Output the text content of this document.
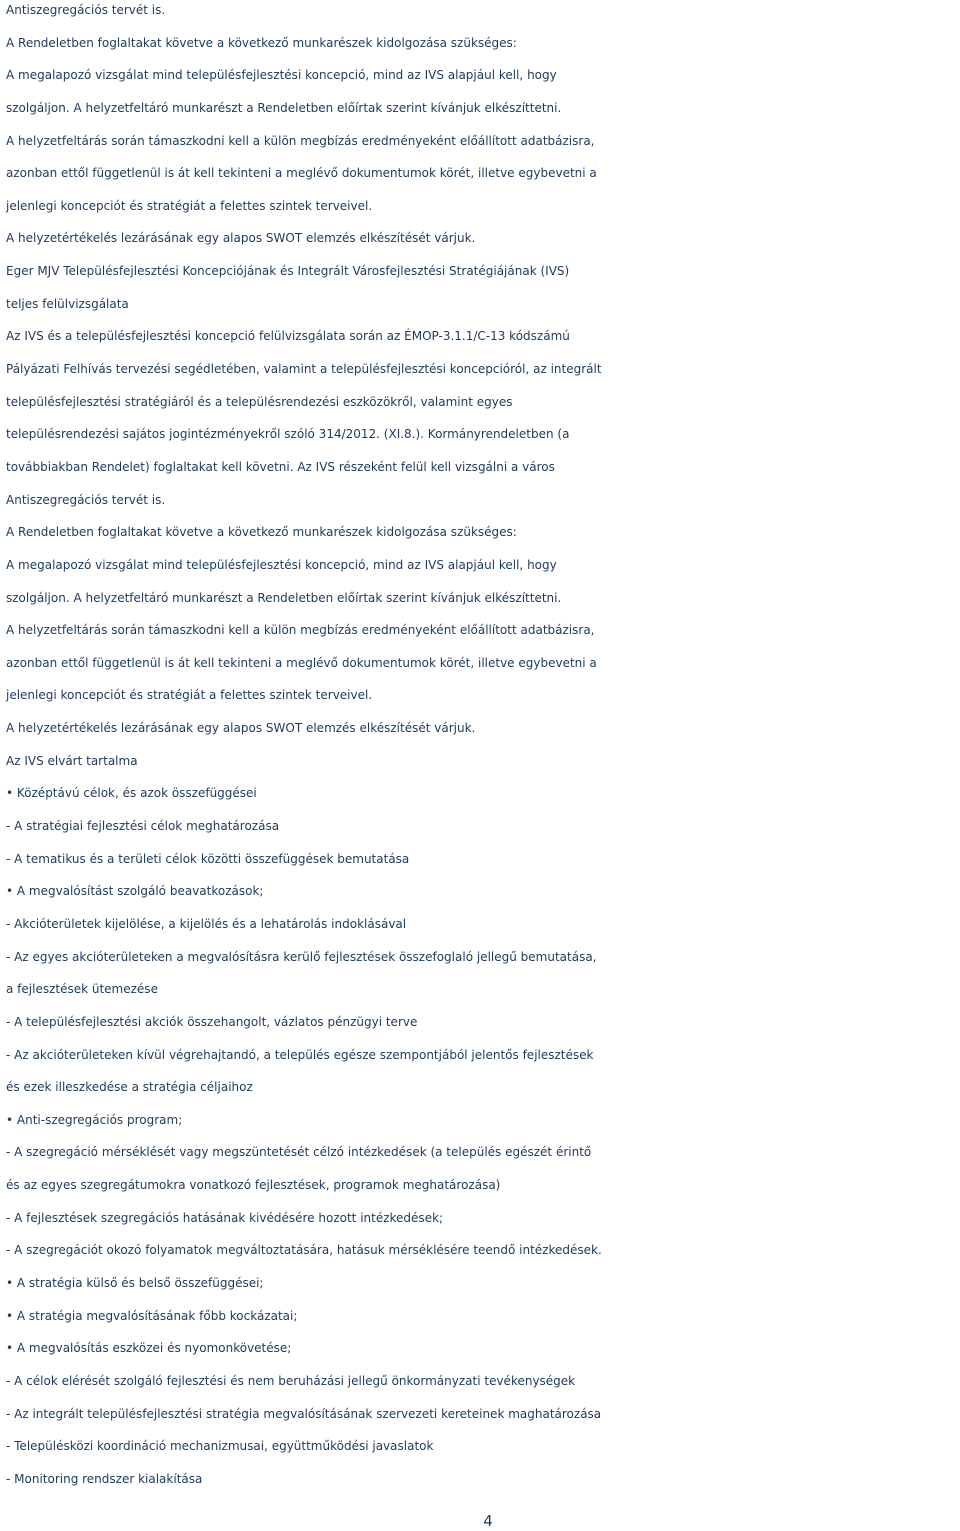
Antiszegregációs tervét is.
A Rendeletben foglaltakat követve a következő munkarészek kidolgozása szükséges:
A megalapozó vizsgálat mind településfejlesztési koncepció, mind az IVS alapjául kell, hogy
szolgáljon. A helyzetfeltáró munkarészt a Rendeletben előírtak szerint kívánjuk elkészíttetni.
A helyzetfeltárás során támaszkodni kell a külön megbízás eredményeként előállított adatbázisra,
azonban ettől függetlenül is át kell tekinteni a meglévő dokumentumok körét, illetve egybevetni a
jelenlegi koncepciót és stratégiát a felettes szintek terveivel.
A helyzetértékelés lezárásának egy alapos SWOT elemzés elkészítését várjuk.
Eger MJV Településfejlesztési Koncepciójának és Integrált Városfejlesztési Stratégiájának (IVS)
teljes felülvizsgálata
Az IVS és a településfejlesztési koncepció felülvizsgálata során az ÉMOP-3.1.1/C-13 kódszámú
Pályázati Felhívás tervezési segédletében, valamint a településfejlesztési koncepcióról, az integrált
településfejlesztési stratégiáról és a településrendezési eszközökről, valamint egyes
településrendezési sajátos jogintézményekről szóló 314/2012. (XI.8.). Kormányrendeletben (a
továbbiakban Rendelet) foglaltakat kell követni. Az IVS részeként felül kell vizsgálni a város
Antiszegregációs tervét is.
A Rendeletben foglaltakat követve a következő munkarészek kidolgozása szükséges:
A megalapozó vizsgálat mind településfejlesztési koncepció, mind az IVS alapjául kell, hogy
szolgáljon. A helyzetfeltáró munkarészt a Rendeletben előírtak szerint kívánjuk elkészíttetni.
A helyzetfeltárás során támaszkodni kell a külön megbízás eredményeként előállított adatbázisra,
azonban ettől függetlenül is át kell tekinteni a meglévő dokumentumok körét, illetve egybevetni a
jelenlegi koncepciót és stratégiát a felettes szintek terveivel.
A helyzetértékelés lezárásának egy alapos SWOT elemzés elkészítését várjuk.
Az IVS elvárt tartalma
• Középtávú célok, és azok összefüggései
- A stratégiai fejlesztési célok meghatározása
- A tematikus és a területi célok közötti összefüggések bemutatása
• A megvalósítást szolgáló beavatkozások;
- Akcióterületek kijelölése, a kijelölés és a lehatárolás indoklásával
- Az egyes akcióterületeken a megvalósításra kerülő fejlesztések összefoglaló jellegű bemutatása,
a fejlesztések ütemezése
- A településfejlesztési akciók összehangolt, vázlatos pénzügyi terve
- Az akcióterületeken kívül végrehajtandó, a település egésze szempontjából jelentős fejlesztések
és ezek illeszkedése a stratégia céljaihoz
• Anti-szegregációs program;
- A szegregáció mérséklését vagy megszüntetését célzó intézkedések (a település egészét érintő
és az egyes szegregátumokra vonatkozó fejlesztések, programok meghatározása)
- A fejlesztések szegregációs hatásának kivédésére hozott intézkedések;
- A szegregációt okozó folyamatok megváltoztatására, hatásuk mérséklésére teendő intézkedések.
• A stratégia külső és belső összefüggései;
• A stratégia megvalósításának főbb kockázatai;
• A megvalósítás eszközei és nyomonkövetése;
- A célok elérését szolgáló fejlesztési és nem beruházási jellegű önkormányzati tevékenységek
- Az integrált településfejlesztési stratégia megvalósításának szervezeti kereteinek maghatározása
- Településközi koordináció mechanizmusai, együttműködési javaslatok
- Monitoring rendszer kialakítása
4
